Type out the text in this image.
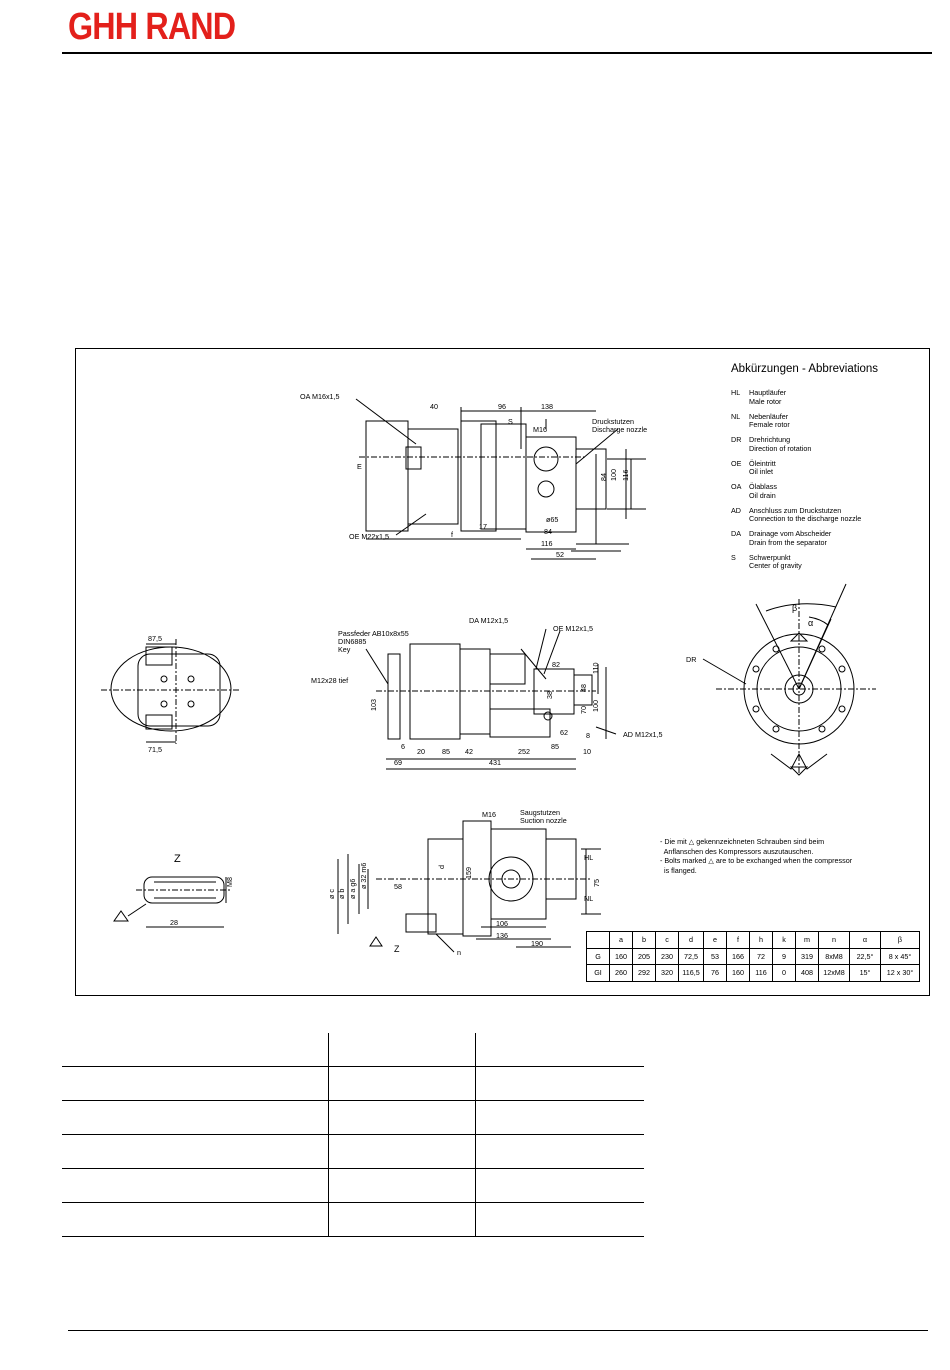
GHH RAND
OA M16x1,5
OE M22x1,5
40	96	138
S
M16
Druckstutzen
Discharge nozzle
E
f
17
84 100 116
ø65
84
116
52
87,5
71,5
Passfeder AB10x8x55
DIN6885
Key
M12x28 tief
DA M12x1,5
OE M12x1,5
82	110
48
70 100
38
103
62	8	AD M12x1,5
6
20 85 42	252
85
10
69	431
DR
β
α
Z
M8
28
M16	Saugstutzen
Suction nozzle
ø c ø b ø a g6 ø 32 m6	58
d	159
HL
NL
75
106
136
190
Z	n
Abkürzungen - Abbreviations
HL Hauptläufer
Male rotor
NL Nebenläufer
Female rotor
DR Drehrichtung
Direction of rotation
OE Öleintritt
Oil inlet
OA Ölablass
Oil drain
AD Anschluss zum Druckstutzen
Connection to the discharge nozzle
DA Drainage vom Abscheider
Drain from the separator
S Schwerpunkt
Center of gravity
- Die mit △ gekennzeichneten Schrauben sind beim
Anflanschen des Kompressors auszutauschen.
- Bolts marked △ are to be exchanged when the compressor
is flanged.
	a	b	c	d	e	f	h	k	m	n	α	β
G	160	205	230	72,5	53	166	72	9	319	8xM8	22,5°	8 x 45°
GI	260	292	320	116,5	76	160	116	0	408	12xM8	15°	12 x 30°
